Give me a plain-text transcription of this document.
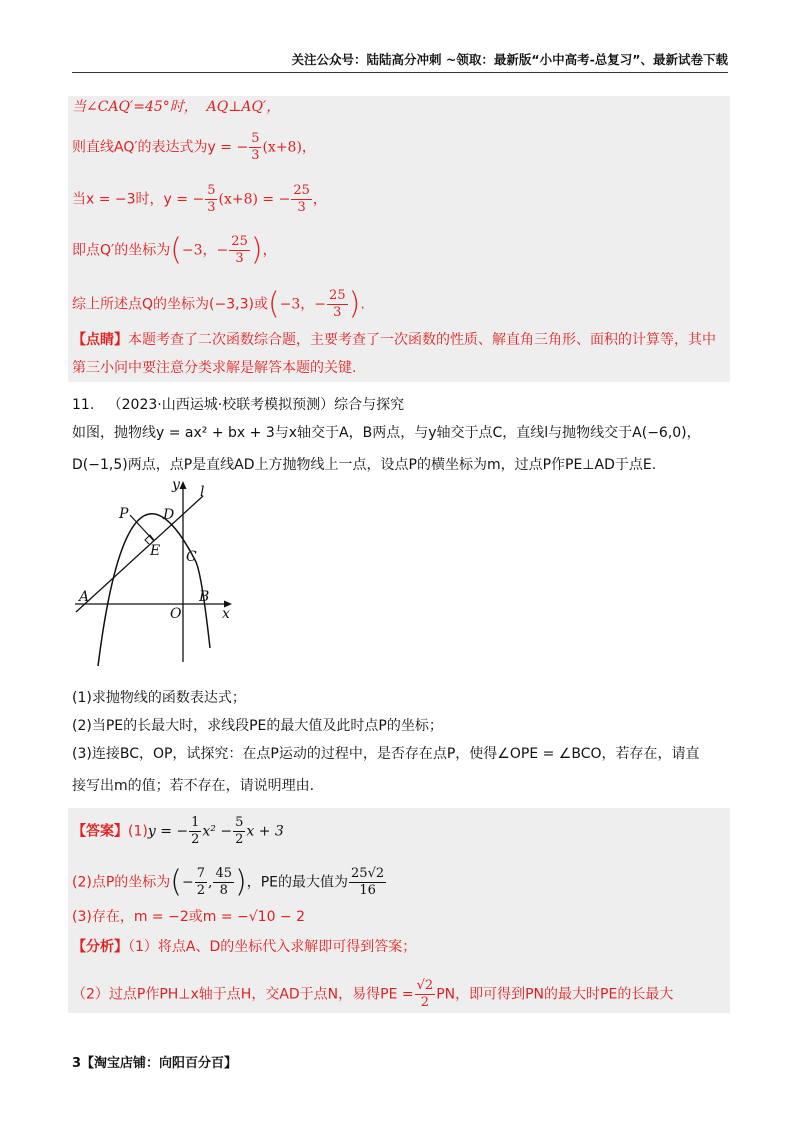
关注公众号：陆陆高分冲刺 ~领取：最新版“小中高考-总复习”、最新试卷下载
当∠CAQ′=45°时， AQ⊥AQ′，
则直线AQ′的表达式为y = − $\frac{5}{3} (x+8)$，
当x = −3时，y = − $\frac{5}{3} (x+8)$ = − $\frac{25}{3}$ ，
即点Q′的坐标为(−3，− $\frac{25}{3}$ )，
综上所述点Q的坐标为(−3,3)或(−3，− $\frac{25}{3}$ ).
【点睛】本题考查了二次函数综合题，主要考查了一次函数的性质、解直角三角形、面积的计算等，其中
第三小问中要注意分类求解是解答本题的关键.
11. （2023·山西运城·校联考模拟预测）综合与探究
如图，抛物线y = ax² + bx + 3与x轴交于A，B两点，与y轴交于点C，直线l与抛物线交于A(−6,0)，
D(−1,5)两点，点P是直线AD上方抛物线上一点，设点P的横坐标为m，过点P作PE⊥AD于点E.
y l
P D
E C
A
O
B
x
(1)求抛物线的函数表达式；
(2)当PE的长最大时，求线段PE的最大值及此时点P的坐标；
(3)连接BC，OP，试探究：在点P运动的过程中，是否存在点P，使得∠OPE = ∠BCO，若存在，请直
接写出m的值；若不存在，请说明理由.
【答案】(1)y = − $\frac{1}{2} x^2 - \frac{5}{2}$ x + 3
(2)点P的坐标为(− $\frac{7}{2}$ , $\frac{45}{8}$ )，PE的最大值为 $\frac{25√2}{16}$
(3)存在，m = −2或m = −√10 − 2
【分析】（1）将点A、D的坐标代入求解即可得到答案；
（2）过点P作PH⊥x轴于点H，交AD于点N，易得PE = $\frac{√2}{2}$ PN，即可得到PN的最大时PE的长最大
3【淘宝店铺：向阳百分百】
